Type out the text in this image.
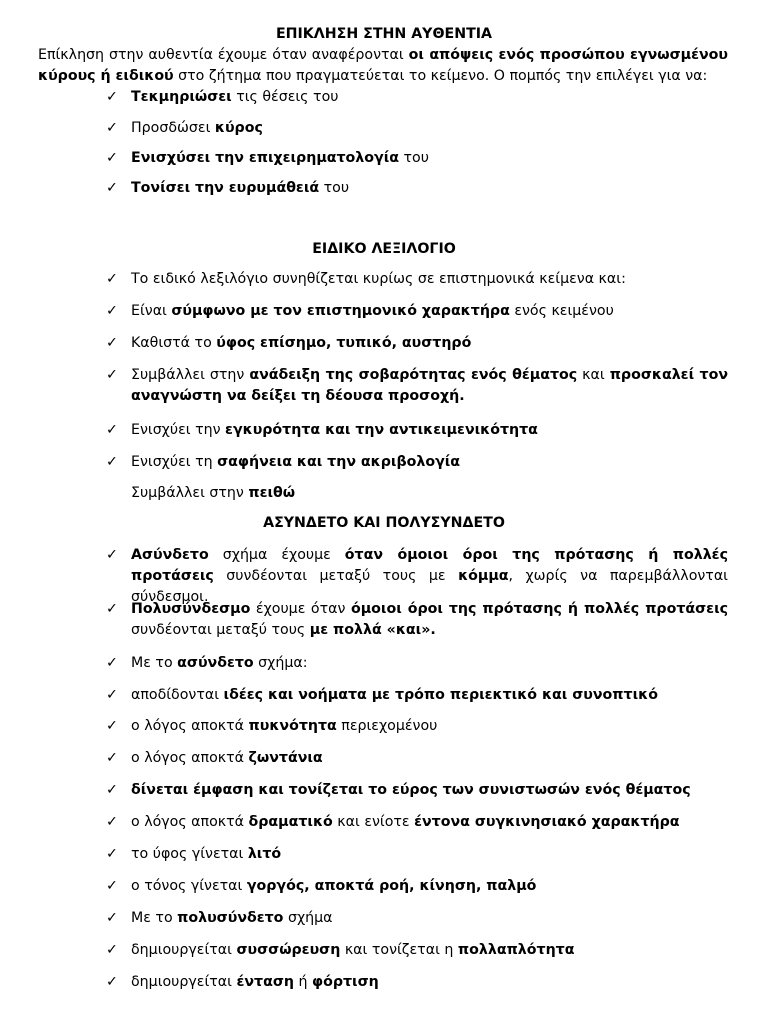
ΕΠΙΚΛΗΣΗ ΣΤΗΝ ΑΥΘΕΝΤΙΑ
Επίκληση στην αυθεντία έχουμε όταν αναφέρονται οι απόψεις ενός προσώπου εγνωσμένου κύρους ή ειδικού στο ζήτημα που πραγματεύεται το κείμενο. Ο πομπός την επιλέγει για να:
✓ Τεκμηριώσει τις θέσεις του
✓ Προσδώσει κύρος
✓ Ενισχύσει την επιχειρηματολογία του
✓ Τονίσει την ευρυμάθειά του
ΕΙΔΙΚΟ ΛΕΞΙΛΟΓΙΟ
✓ Το ειδικό λεξιλόγιο συνηθίζεται κυρίως σε επιστημονικά κείμενα και:
✓ Είναι σύμφωνο με τον επιστημονικό χαρακτήρα ενός κειμένου
✓ Καθιστά το ύφος επίσημο, τυπικό, αυστηρό
✓ Συμβάλλει στην ανάδειξη της σοβαρότητας ενός θέματος και προσκαλεί τον αναγνώστη να δείξει τη δέουσα προσοχή.
✓ Ενισχύει την εγκυρότητα και την αντικειμενικότητα
✓ Ενισχύει τη σαφήνεια και την ακριβολογία
Συμβάλλει στην πειθώ
ΑΣΥΝΔΕΤΟ ΚΑΙ ΠΟΛΥΣΥΝΔΕΤΟ
✓ Ασύνδετο σχήμα έχουμε όταν όμοιοι όροι της πρότασης ή πολλές προτάσεις συνδέονται μεταξύ τους με κόμμα, χωρίς να παρεμβάλλονται σύνδεσμοι.
✓ Πολυσύνδεσμο έχουμε όταν όμοιοι όροι της πρότασης ή πολλές προτάσεις συνδέονται μεταξύ τους με πολλά «και».
✓ Με το ασύνδετο σχήμα:
✓ αποδίδονται ιδέες και νοήματα με τρόπο περιεκτικό και συνοπτικό
✓ ο λόγος αποκτά πυκνότητα περιεχομένου
✓ ο λόγος αποκτά ζωντάνια
✓ δίνεται έμφαση και τονίζεται το εύρος των συνιστωσών ενός θέματος
✓ ο λόγος αποκτά δραματικό και ενίοτε έντονα συγκινησιακό χαρακτήρα
✓ το ύφος γίνεται λιτό
✓ ο τόνος γίνεται γοργός, αποκτά ροή, κίνηση, παλμό
✓ Με το πολυσύνδετο σχήμα
✓ δημιουργείται συσσώρευση και τονίζεται η πολλαπλότητα
✓ δημιουργείται ένταση ή φόρτιση
